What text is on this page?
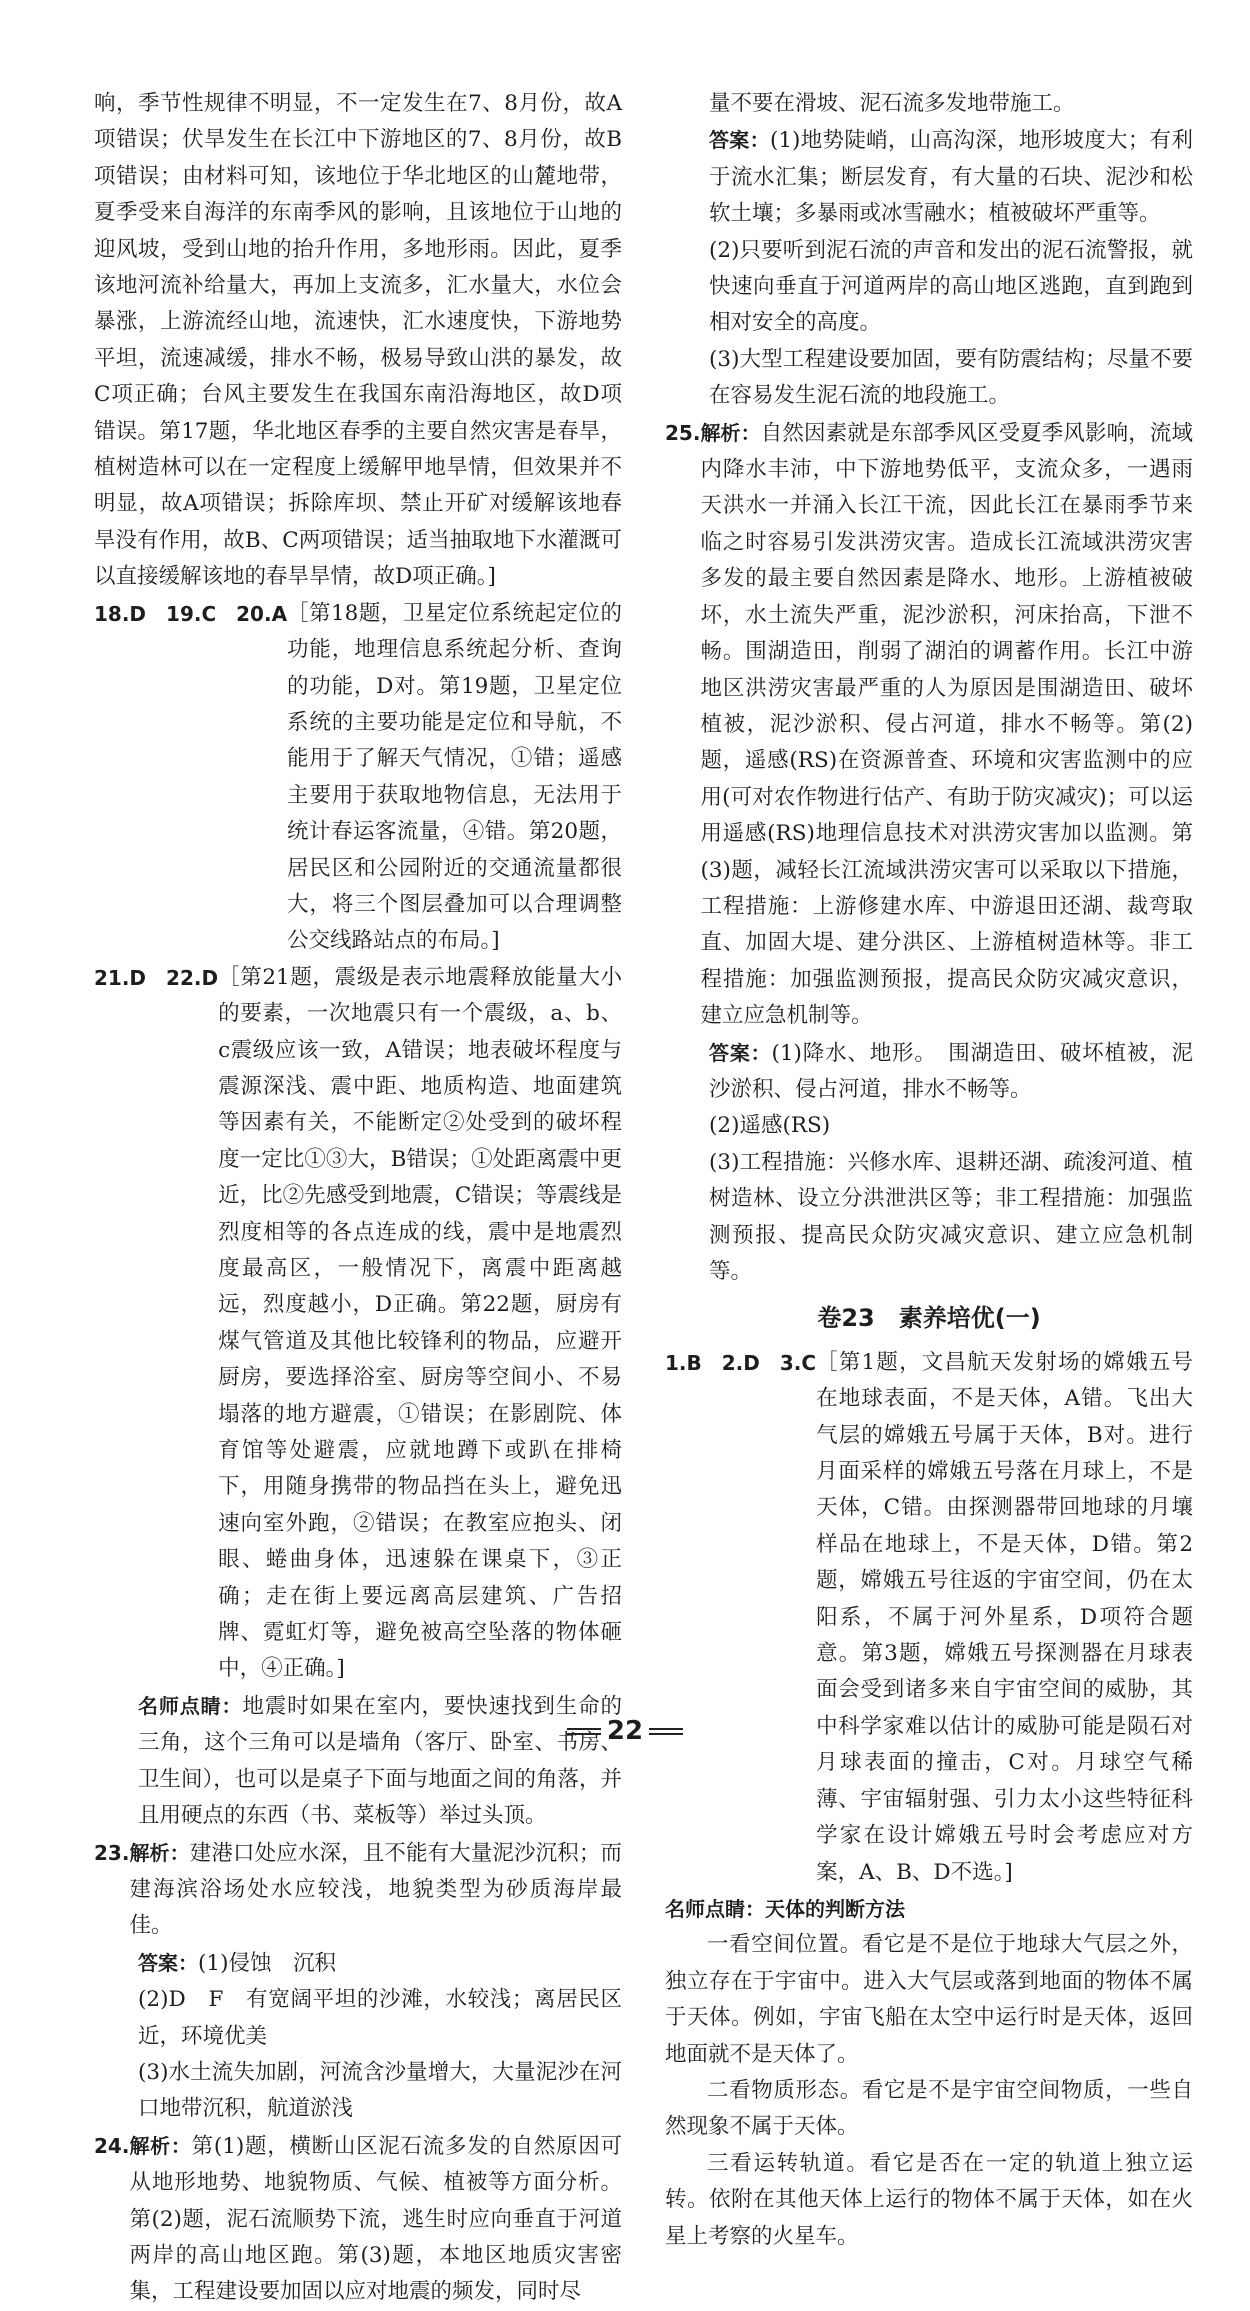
响，季节性规律不明显，不一定发生在7、8月份，故A项错误；伏旱发生在长江中下游地区的7、8月份，故B项错误；由材料可知，该地位于华北地区的山麓地带，夏季受来自海洋的东南季风的影响，且该地位于山地的迎风坡，受到山地的抬升作用，多地形雨。因此，夏季该地河流补给量大，再加上支流多，汇水量大，水位会暴涨，上游流经山地，流速快，汇水速度快，下游地势平坦，流速减缓，排水不畅，极易导致山洪的暴发，故C项正确；台风主要发生在我国东南沿海地区，故D项错误。第17题，华北地区春季的主要自然灾害是春旱，植树造林可以在一定程度上缓解甲地旱情，但效果并不明显，故A项错误；拆除库坝、禁止开矿对缓解该地春旱没有作用，故B、C两项错误；适当抽取地下水灌溉可以直接缓解该地的春旱旱情，故D项正确。]

18.D　19.C　20.A ［第18题，卫星定位系统起定位的功能，地理信息系统起分析、查询的功能，D对。第19题，卫星定位系统的主要功能是定位和导航，不能用于了解天气情况，①错；遥感主要用于获取地物信息，无法用于统计春运客流量，④错。第20题，居民区和公园附近的交通流量都很大，将三个图层叠加可以合理调整公交线路站点的布局。]
21.D　22.D ［第21题，震级是表示地震释放能量大小的要素，一次地震只有一个震级，a、b、c震级应该一致，A错误；地表破坏程度与震源深浅、震中距、地质构造、地面建筑等因素有关，不能断定②处受到的破坏程度一定比①③大，B错误；①处距离震中更近，比②先感受到地震，C错误；等震线是烈度相等的各点连成的线，震中是地震烈度最高区，一般情况下，离震中距离越远，烈度越小，D正确。第22题，厨房有煤气管道及其他比较锋利的物品，应避开厨房，要选择浴室、厨房等空间小、不易塌落的地方避震，①错误；在影剧院、体育馆等处避震，应就地蹲下或趴在排椅下，用随身携带的物品挡在头上，避免迅速向室外跑，②错误；在教室应抱头、闭眼、蜷曲身体，迅速躲在课桌下，③正确；走在街上要远离高层建筑、广告招牌、霓虹灯等，避免被高空坠落的物体砸中，④正确。]

名师点睛：地震时如果在室内，要快速找到生命的三角，这个三角可以是墙角（客厅、卧室、书房、卫生间），也可以是桌子下面与地面之间的角落，并且用硬点的东西（书、菜板等）举过头顶。

23. 解析：建港口处应水深，且不能有大量泥沙沉积；而建海滨浴场处水应较浅，地貌类型为砂质海岸最佳。

答案：(1)侵蚀　沉积

(2)D　F　有宽阔平坦的沙滩，水较浅；离居民区近，环境优美

(3)水土流失加剧，河流含沙量增大，大量泥沙在河口地带沉积，航道淤浅

24. 解析：第(1)题，横断山区泥石流多发的自然原因可从地形地势、地貌物质、气候、植被等方面分析。第(2)题，泥石流顺势下流，逃生时应向垂直于河道两岸的高山地区跑。第(3)题，本地区地质灾害密集，工程建设要加固以应对地震的频发，同时尽

量不要在滑坡、泥石流多发地带施工。

答案：(1)地势陡峭，山高沟深，地形坡度大；有利于流水汇集；断层发育，有大量的石块、泥沙和松软土壤；多暴雨或冰雪融水；植被破坏严重等。

(2)只要听到泥石流的声音和发出的泥石流警报，就快速向垂直于河道两岸的高山地区逃跑，直到跑到相对安全的高度。

(3)大型工程建设要加固，要有防震结构；尽量不要在容易发生泥石流的地段施工。

25. 解析：自然因素就是东部季风区受夏季风影响，流域内降水丰沛，中下游地势低平，支流众多，一遇雨天洪水一并涌入长江干流，因此长江在暴雨季节来临之时容易引发洪涝灾害。造成长江流域洪涝灾害多发的最主要自然因素是降水、地形。上游植被破坏，水土流失严重，泥沙淤积，河床抬高，下泄不畅。围湖造田，削弱了湖泊的调蓄作用。长江中游地区洪涝灾害最严重的人为原因是围湖造田、破坏植被，泥沙淤积、侵占河道，排水不畅等。第(2)题，遥感(RS)在资源普查、环境和灾害监测中的应用(可对农作物进行估产、有助于防灾减灾)；可以运用遥感(RS)地理信息技术对洪涝灾害加以监测。第(3)题，减轻长江流域洪涝灾害可以采取以下措施，工程措施：上游修建水库、中游退田还湖、裁弯取直、加固大堤、建分洪区、上游植树造林等。非工程措施：加强监测预报，提高民众防灾减灾意识，建立应急机制等。

答案：(1)降水、地形。　围湖造田、破坏植被，泥沙淤积、侵占河道，排水不畅等。

(2)遥感(RS)

(3)工程措施：兴修水库、退耕还湖、疏浚河道、植树造林、设立分洪泄洪区等；非工程措施：加强监测预报、提高民众防灾减灾意识、建立应急机制等。

卷23　素养培优(一)
1.B　2.D　3.C ［第1题，文昌航天发射场的嫦娥五号在地球表面，不是天体，A错。飞出大气层的嫦娥五号属于天体，B对。进行月面采样的嫦娥五号落在月球上，不是天体，C错。由探测器带回地球的月壤样品在地球上，不是天体，D错。第2题，嫦娥五号往返的宇宙空间，仍在太阳系，不属于河外星系，D项符合题意。第3题，嫦娥五号探测器在月球表面会受到诸多来自宇宙空间的威胁，其中科学家难以估计的威胁可能是陨石对月球表面的撞击，C对。月球空气稀薄、宇宙辐射强、引力太小这些特征科学家在设计嫦娥五号时会考虑应对方案，A、B、D不选。]

名师点睛：天体的判断方法

一看空间位置。看它是不是位于地球大气层之外，独立存在于宇宙中。进入大气层或落到地面的物体不属于天体。例如，宇宙飞船在太空中运行时是天体，返回地面就不是天体了。

二看物质形态。看它是不是宇宙空间物质，一些自然现象不属于天体。

三看运转轨道。看它是否在一定的轨道上独立运转。依附在其他天体上运行的物体不属于天体，如在火星上考察的火星车。

22
